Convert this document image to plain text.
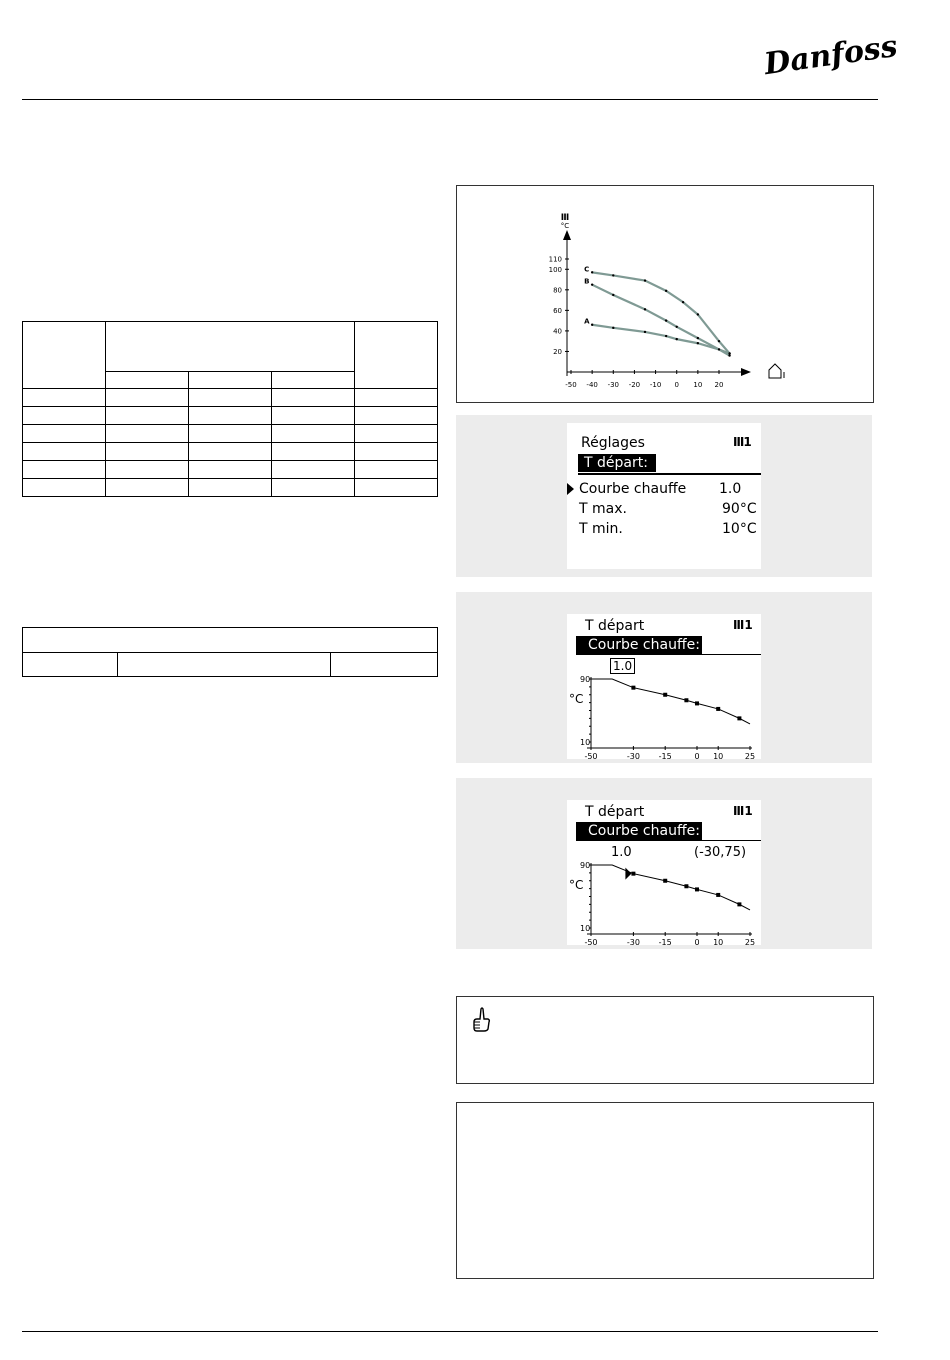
Danfoss

°C
Ⅲ
20
40
60
80
100
110
-50 -40 -30 -20 -10 0 10 20
C
B
A
Réglages	Ⅲ1
T départ:
Courbe chauffe 1.0
T max.	90°C
T min.	10°C
T départ	Ⅲ1
Courbe chauffe:
1.0
90
10
°C
-50	-30 -15	0 10	25
T départ	Ⅲ1
Courbe chauffe:
1.0	(-30,75)
90
10
°C
-50	-30 -15	0 10	25
